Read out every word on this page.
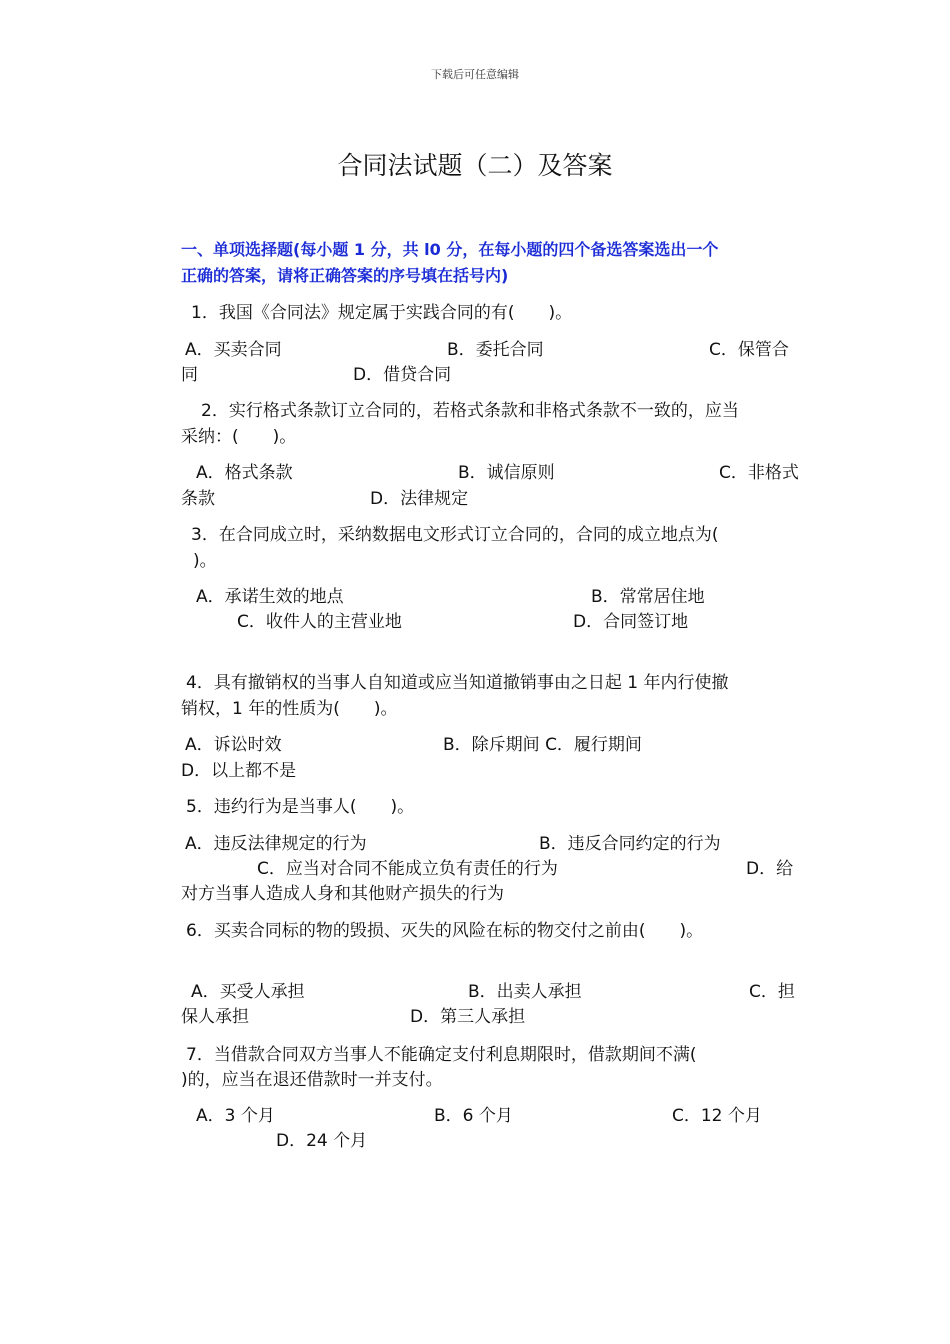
下载后可任意编辑
合同法试题（二）及答案
一、单项选择题(每小题 1 分，共 l0 分，在每小题的四个备选答案选出一个
正确的答案，请将正确答案的序号填在括号内)
1．我国《合同法》规定属于实践合同的有(　　)。
A．买卖合同	B．委托合同	C．保管合
同	D．借贷合同
2．实行格式条款订立合同的，若格式条款和非格式条款不一致的，应当
采纳：(　　)。
A．格式条款	B．诚信原则	C．非格式
条款	D．法律规定
3．在合同成立时，采纳数据电文形式订立合同的，合同的成立地点为(
)。
A．承诺生效的地点	B．常常居住地
C．收件人的主营业地	D．合同签订地
4．具有撤销权的当事人自知道或应当知道撤销事由之日起 1 年内行使撤
销权，1 年的性质为(　　)。
A．诉讼时效	B．除斥期间 C．履行期间
D．以上都不是
5．违约行为是当事人(　　)。
A．违反法律规定的行为	B．违反合同约定的行为
C．应当对合同不能成立负有责任的行为	D．给
对方当事人造成人身和其他财产损失的行为
6．买卖合同标的物的毁损、灭失的风险在标的物交付之前由(　　)。
A．买受人承担	B．出卖人承担	C．担
保人承担	D．第三人承担
7．当借款合同双方当事人不能确定支付利息期限时，借款期间不满(
)的，应当在退还借款时一并支付。
A．3 个月	B．6 个月	C．12 个月
D．24 个月
